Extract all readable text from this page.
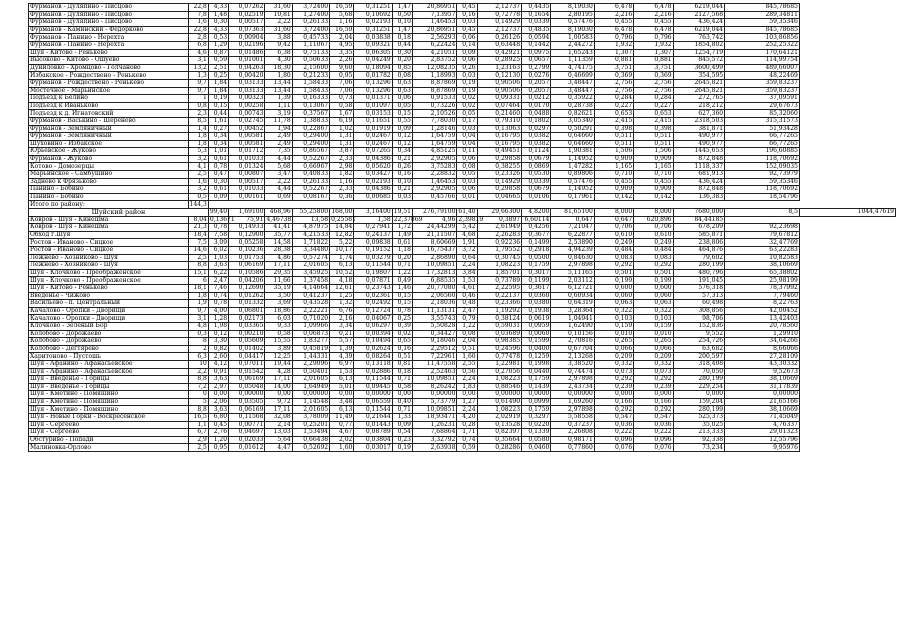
Фурманов - Дуляпино - Писцово	22,8	4,33	0,07262	31,60	3,72400	16,59	0,31251	1,47	20,86951	0,45	2,12737	0,4435	8,19030	6,478	6,478	6219,044	845,78685	
Фурманов - Дуляпино - Писцово	7,8	1,48	0,02519	10,81	1,27400	5,68	0,10692	0,50	7,13957	0,16	0,72778	0,1654	2,80195	2,216	2,216	2127,568	289,34811	
Фурманов - Дуляпино - Писцово	1,6	0,30	0,00517	2,22	0,26133	1,16	0,02193	0,10	1,46453	0,03	0,14929	0,0339	0,57476	0,455	0,455	436,424	59,35346	
Фурманов - Каминский - Федорково	22,8	4,33	0,07363	31,60	3,72400	16,59	0,31251	1,47	20,86951	0,45	2,12737	0,4835	8,19030	6,478	6,478	6219,044	845,78685	
Фурманов - Панино - Нерехта	2,8	0,53	0,00904	3,88	0,45733	2,04	0,03838	0,18	2,56293	0,06	0,26126	0,0594	1,00583	0,796	0,796	763,742	103,86856	
Фурманов - Панино - Нерехта	6,8	1,29	0,02196	9,42	1,11067	4,95	0,09321	0,44	6,22424	0,14	0,63448	0,1442	2,44272	1,932	1,932	1854,802	252,25322	
Шуя - Китово - Ренькево	4,6	0,87	0,01486	6,38	0,75133	3,35	0,06305	0,30	4,21051	0,09	0,42921	0,0975	1,65243	1,307	1,307	1254,719	170,64121	
Высоково - Китово - Ошуево	3,1	0,59	0,01001	4,30	0,50633	2,26	0,04249	0,20	2,83752	0,06	0,28925	0,0657	1,11359	0,881	0,881	845,572	114,99754	
Дуниловко - Хромцово - Голчаново	13,2	2,51	0,04263	18,30	2,15600	9,60	0,18094	0,85	12,08235	0,26	1,23163	0,2799	4,74175	3,751	3,751	3600,499	489,66007	
Избакское - Рождествено - Ренькево	1,3	0,25	0,00420	1,80	0,21233	0,95	0,01782	0,08	1,18993	0,03	0,12130	0,0276	0,46699	0,369	0,369	354,595	48,22469	
Фурманов - Рождествено - Ренькево	9,7	1,84	0,03133	13,44	1,58433	7,06	0,13296	0,63	8,87869	0,19	0,90506	0,2057	3,48447	2,756	2,756	2645,821	359,83237	
Мостечное - Марьинское	9,7	1,84	0,03133	13,44	1,58433	7,06	0,13296	0,63	8,87869	0,19	0,90506	0,2057	3,48447	2,756	2,756	2645,821	359,83237	
Подъезд к Белино	1	0,19	0,00323	1,39	0,16333	0,73	0,01371	0,06	0,91533	0,02	0,09331	0,0212	0,35922	0,284	0,284	272,765	37,09591	
Подъезд к Иваньково	0,8	0,15	0,00258	1,11	0,13067	0,58	0,01097	0,05	0,73226	0,02	0,07464	0,0170	0,28738	0,227	0,227	218,212	29,67673	
Подъезд к д. Игнатовский	2,3	0,44	0,00743	3,19	0,37567	1,67	0,03153	0,15	2,10526	0,05	0,21460	0,0488	0,82621	0,653	0,653	627,360	85,32060	
Фурманов - Васькино - Шеренево	8,5	1,61	0,02745	11,78	1,38833	6,19	0,11651	0,55	7,78030	0,17	0,79310	0,1802	3,05340	2,415	2,415	2318,503	315,31573	
Фурманов - Земляничный	1,4	0,27	0,00452	1,94	0,22867	1,02	0,01919	0,09	1,28146	0,03	0,13063	0,0297	0,50291	0,398	0,398	381,871	51,93428	
Фурманов - Земляничный	1,8	0,34	0,00581	2,49	0,29400	1,31	0,02467	0,12	1,64759	0,04	0,16795	0,0382	0,64660	0,511	0,511	490,977	66,77265	
Шуховино - Избакское	1,8	0,34	0,00581	2,49	0,29400	1,31	0,02467	0,12	1,64759	0,04	0,16795	0,0382	0,64660	0,511	0,511	490,977	66,77265	
Юрьевское - Жуково	5,3	1,01	0,01712	7,35	0,86567	3,87	0,07265	0,34	4,85125	0,11	0,49451	0,1124	1,90381	1,506	1,506	1445,653	196,60885	
Фурманов - Жуково	3,2	0,61	0,01033	4,44	0,52267	2,33	0,04386	0,21	2,92905	0,06	0,29858	0,0679	1,14952	0,909	0,909	872,848	118,70692	
Котово - Домозерцы	4,1	0,78	0,01324	5,68	0,66967	2,98	0,05620	0,26	3,75283	0,08	0,38255	0,0869	1,47282	1,165	1,165	1118,337	152,09035	
Марьинское - Самбушино	2,5	0,47	0,00807	3,47	0,40833	1,82	0,03427	0,16	2,28832	0,05	0,23326	0,0530	0,89806	0,710	0,710	681,913	92,73979	
Заднево к Фрязьково	1,6	0,30	0,00517	2,22	0,26133	1,16	0,02193	0,10	1,46453	0,03	0,14929	0,0339	0,57476	0,455	0,455	436,424	59,35346	
Панино - Бобино	3,2	0,61	0,01033	4,44	0,52267	2,33	0,04386	0,21	2,92905	0,06	0,29858	0,0679	1,14952	0,909	0,909	872,848	118,70692	
Панино - Бобино	0,5	0,09	0,00161	0,69	0,08167	0,36	0,00685	0,03	0,45766	0,01	0,04665	0,0106	0,17961	0,142	0,142	136,383	18,54796	
Итого по району:	144,3																	
Шуйский район		99,40	1,69100	468,96	55,25800	168,00	3,16400	19,51	276,79100	61,40	29,66300	4,8200	81,65100	8,000	8,000	7680,000	8,5	1044,47619
Ковров - Шуя - Кинешма	8,04	0,13671	75,91	4,46738	13,58	0,25581	1,58	22,37869	4,96	2,39819	0,3897	6,60114	0,647	0,647	620,896	84,44185		
Ковров - Шуя - Кинешма	21,3	0,78	0,14933	41,41	4,87975	14,84	0,27941	1,72	24,44299	5,42	2,61949	0,4256	7,21047	0,706	0,706	678,209	92,23698	
Обход г.Шуя	18,4	7,58	0,12900	35,77	4,21533	12,82	0,24137	1,49	21,11507	4,68	2,26283	0,3677	6,22877	0,610	0,610	585,871	79,67812	
Ростов - Иваново - Сицкое	7,5	3,09	0,05258	14,58	1,71822	5,22	0,09838	0,61	8,60669	1,91	0,92236	0,1499	2,53890	0,249	0,249	238,806	32,47769	
Ростов - Иваново - Сицкое	14,6	6,02	0,10236	28,38	3,34480	10,17	0,19152	1,18	16,75437	3,72	1,79552	0,2918	4,94239	0,484	0,484	464,876	63,22283	
Лежнево - Хозниково - Шуя	2,5	1,03	0,01753	4,86	0,57274	1,74	0,03279	0,20	2,86890	0,64	0,30745	0,0500	0,84630	0,083	0,083	79,602	10,82583	
Лежнево - Хозниково - Шуя	8,8	3,63	0,06169	17,11	2,01605	6,13	0,11544	0,71	10,09851	2,24	1,08223	0,1759	2,97898	0,292	0,292	280,199	38,10669	
Шуя - Клочково - Преображенское	15,1	6,22	0,10586	29,35	3,45925	10,52	0,19807	1,22	17,32813	3,84	1,85701	0,3017	5,11165	0,501	0,501	480,796	65,38802	
Шуя - Клочково - Преображенское	6	2,47	0,04206	11,66	1,37458	4,18	0,07871	0,49	6,88535	1,53	0,73789	0,1199	2,03112	0,199	0,199	191,045	25,98199	
Шуя - Китово - Ренькево	18,1	7,46	0,12690	35,19	4,14664	12,61	0,23743	1,46	20,77080	4,61	2,22595	0,3617	6,12721	0,600	0,600	576,318	78,37992	
Введенье - Чижово	1,8	0,74	0,01262	3,50	0,41237	1,25	0,02361	0,15	2,06560	0,46	0,22137	0,0360	0,60934	0,060	0,060	57,313	7,79460	
Васильево - п. Центральный	1,9	0,78	0,01332	3,69	0,43528	1,32	0,02492	0,15	2,18036	0,48	0,23366	0,0380	0,64319	0,063	0,063	60,498	8,22763	
Качалово - Оропки - Дворищи	9,7	4,00	0,06801	18,86	2,22221	6,76	0,12724	0,78	11,13131	2,47	1,19292	0,1938	3,28364	0,322	0,322	308,856	42,00452	
Качалово - Оропки - Дворищи	3,1	1,28	0,02173	6,03	0,71020	2,16	0,04067	0,25	3,55743	0,79	0,38124	0,0619	1,04941	0,103	0,103	98,706	13,42403	
Клочково - Зеленый Бор	4,8	1,98	0,03365	9,33	1,09966	3,34	0,06297	0,39	5,50828	1,22	0,59031	0,0959	1,62490	0,159	0,159	152,836	20,78560	
Колобово - Дорожаево	0,3	0,12	0,00210	0,58	0,06873	0,21	0,00394	0,02	0,34427	0,08	0,03689	0,0060	0,10156	0,010	0,010	9,552	1,29910	
Колобово - Дорожаево	8	3,30	0,05609	15,55	1,83277	5,57	0,10494	0,65	9,18046	2,04	0,98385	0,1599	2,70816	0,265	0,265	254,726	34,64266	
Колобово - Дегтярево	2	0,82	0,01402	3,89	0,45819	1,39	0,02624	0,16	2,29512	0,51	0,24596	0,0400	0,67704	0,066	0,066	63,682	8,66066	
Харитоново - Пустошь	6,3	2,60	0,04417	12,25	1,44331	4,39	0,08264	0,51	7,22961	1,60	0,77478	0,1259	2,13268	0,209	0,209	200,597	27,28109	
Шуя - Афанино - Афанасьевское	10	4,12	0,07011	19,44	2,29096	6,97	0,13118	0,81	11,47558	2,55	1,22981	0,1998	3,38520	0,332	0,332	318,408	43,30332	
Шуя - Афанино - Афанасьевское	2,2	0,91	0,01542	4,28	0,50401	1,53	0,02886	0,18	2,52463	0,56	0,27056	0,0440	0,74474	0,073	0,073	70,050	9,52673	
Шуя - Введенье - Горицы	8,8	3,63	0,06169	17,11	2,01605	6,13	0,11544	0,71	10,09851	2,24	1,08223	0,1759	2,97898	0,292	0,292	280,199	38,10669	
Шуя - Введенье - Горицы	7,2	2,97	0,05048	14,00	1,64949	5,01	0,09445	0,58	8,26242	1,83	0,88546	0,1439	2,43734	0,239	0,239	229,254	31,17839	
Шуя - Кметино - Помяшино	0	0,00	0,00000	0,00	0,00000	0,00	0,00000	0,00	0,00000	0,00	0,00000	0,0000	0,00000	0,000	0,000	0,000	0,00000	
Шуя - Кметино - Помяшино	5	2,06	0,03505	9,72	1,14548	3,48	0,06559	0,40	5,73779	1,27	0,61490	0,0999	1,69260	0,166	0,166	159,204	21,65166	
Шуя - Кметино - Помяшино	8,8	3,63	0,06169	17,11	2,01605	6,13	0,11544	0,71	10,09851	2,24	1,08223	0,1759	2,97898	0,292	0,292	280,199	38,10669	
Шуя - Новые Горки - Воскресенское	16,5	6,80	0,11568	32,08	3,78009	11,49	0,21644	1,33	18,93471	4,20	2,02919	0,3297	5,58558	0,547	0,547	525,373	71,45049	
Шуя - Сергеево	1,1	0,45	0,00771	2,14	0,25201	0,77	0,01443	0,09	1,26231	0,28	0,13528	0,0220	0,37237	0,036	0,036	35,025	4,76337	
Шуя - Сергеево	6,7	2,76	0,04697	13,03	1,53494	4,67	0,08789	0,54	7,68864	1,71	0,82397	0,1339	2,26808	0,222	0,222	213,333	29,01323	
Обстуриво - Попади	2,9	1,20	0,02033	5,64	0,66438	2,02	0,03804	0,23	3,32792	0,74	0,35664	0,0580	0,98171	0,096	0,096	92,338	12,55796	
Малиновка-Орлово	2,5	0,95	0,01612	4,47	0,52692	1,60	0,03017	0,19	2,63938	0,59	0,28286	0,0460	0,77860	0,076	0,076	73,234	9,95976	
